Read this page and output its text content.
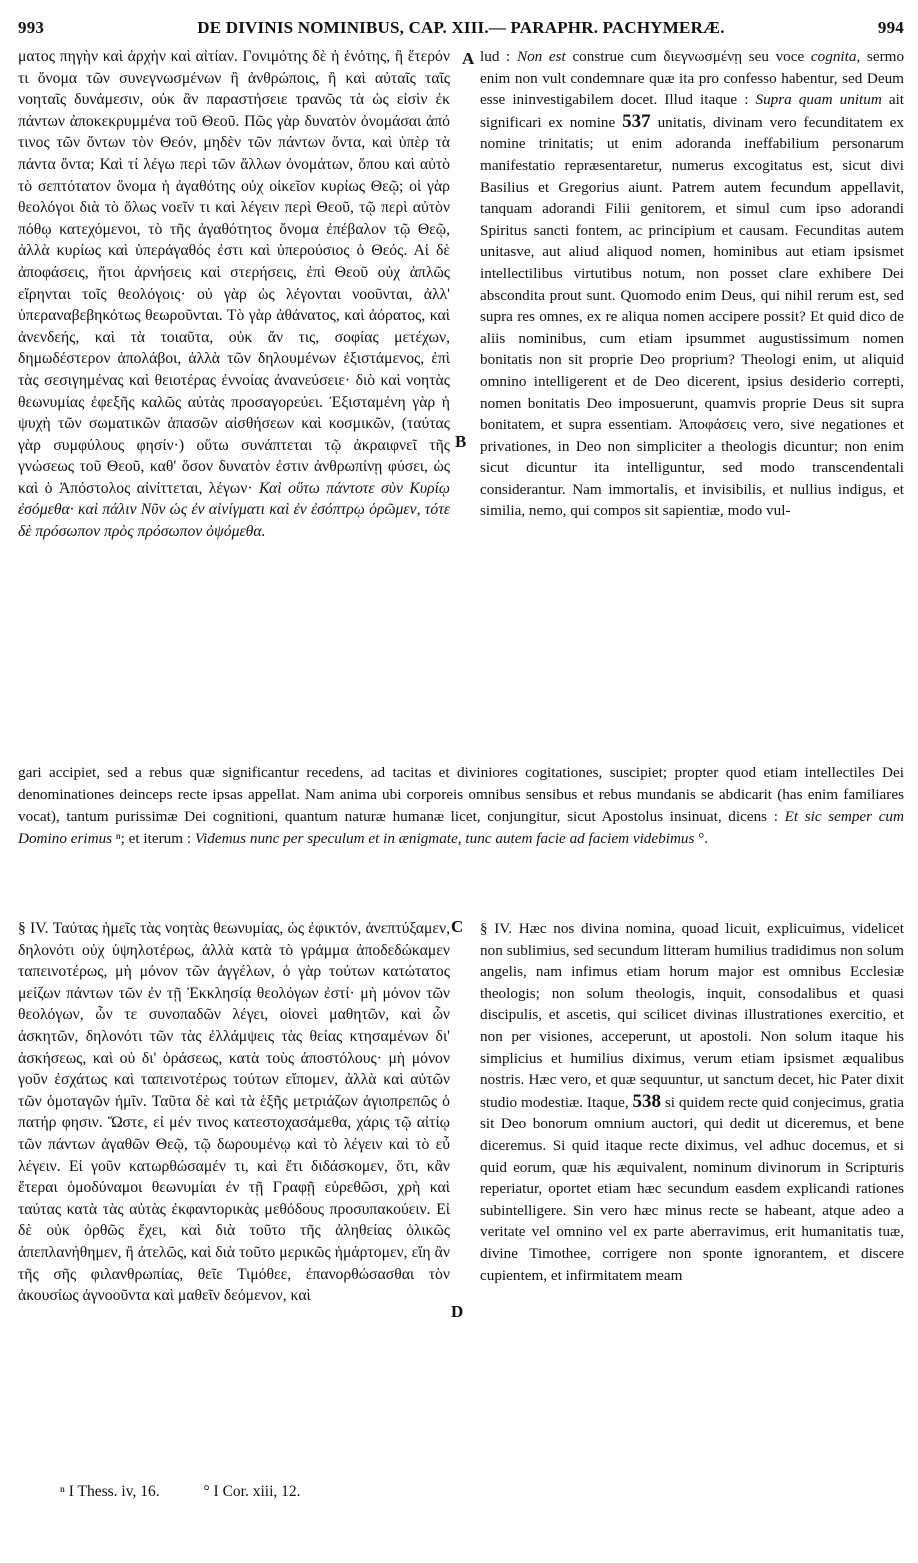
993	DE DIVINIS NOMINIBUS, CAP. XIII.— PARAPHR. PACHYMERÆ.	994
A
B
C
D

ματος πηγὴν καὶ ἀρχὴν καὶ αἰτίαν. Γονιμότης δὲ ἡ ἑνότης, ἢ ἕτερόν τι ὄνομα τῶν συνεγνωσμένων ἢ ἀνθρώποις, ἢ καὶ αὐταῖς ταῖς νοηταῖς δυνάμεσιν, οὐκ ἂν παραστήσειε τρανῶς τὰ ὡς εἰσὶν ἐκ πάντων ἀποκεκρυμμένα τοῦ Θεοῦ. Πῶς γὰρ δυνατὸν ὀνομάσαι ἀπό τινος τῶν ὄντων τὸν Θεόν, μηδὲν τῶν πάντων ὄντα, καὶ ὑπὲρ τὰ πάντα ὄντα; Καὶ τί λέγω περὶ τῶν ἄλλων ὀνομάτων, ὅπου καὶ αὐτὸ τὸ σεπτότατον ὄνομα ἡ ἀγαθότης οὐχ οἰκεῖον κυρίως Θεῷ; οἱ γὰρ θεολόγοι διὰ τὸ ὅλως νοεῖν τι καὶ λέγειν περὶ Θεοῦ, τῷ περὶ αὐτὸν πόθῳ κατεχόμενοι, τὸ τῆς ἀγαθότητος ὄνομα ἐπέβαλον τῷ Θεῷ, ἀλλὰ κυρίως καὶ ὑπεράγαθός ἐστι καὶ ὑπερούσιος ὁ Θεός. Αἱ δὲ ἀποφάσεις, ἤτοι ἀρνήσεις καὶ στερήσεις, ἐπὶ Θεοῦ οὐχ ἁπλῶς εἴρηνται τοῖς θεολόγοις· οὐ γὰρ ὡς λέγονται νοοῦνται, ἀλλ' ὑπεραναβεβηκότως θεωροῦνται. Τὸ γὰρ ἀθάνατος, καὶ ἀόρατος, καὶ ἀνενδεής, καὶ τὰ τοιαῦτα, οὐκ ἄν τις, σοφίας μετέχων, δημωδέστερον ἀπολάβοι, ἀλλὰ τῶν δηλουμένων ἐξιστάμενος, ἐπὶ τὰς σεσιγημένας καὶ θειοτέρας ἐννοίας ἀνανεύσειε· διὸ καὶ νοητὰς θεωνυμίας ἐφεξῆς καλῶς αὐτὰς προσαγορεύει. Ἐξισταμένη γὰρ ἡ ψυχὴ τῶν σωματικῶν ἁπασῶν αἰσθήσεων καὶ κοσμικῶν, (ταύτας γὰρ συμφύλους φησίν·) οὕτω συνάπτεται τῷ ἀκραιφνεῖ τῆς γνώσεως τοῦ Θεοῦ, καθ' ὅσον δυνατὸν ἐστιν ἀνθρωπίνῃ φύσει, ὡς καὶ ὁ Ἀπόστολος αἰνίττεται, λέγων· Καὶ οὕτω πάντοτε σὺν Κυρίῳ ἐσόμεθα· καὶ πάλιν Νῦν ὡς ἐν αἰνίγματι καὶ ἐν ἐσόπτρῳ ὁρῶμεν, τότε δὲ πρόσωπον πρὸς πρόσωπον ὀψόμεθα.

lud : Non est construe cum διεγνωσμένῃ seu voce cognita, sermo enim non vult condemnare quæ ita pro confesso habentur, sed Deum esse ininvestigabilem docet. Illud itaque : Supra quam unitum ait significari ex nomine 537 unitatis, divinam vero fecunditatem ex nomine trinitatis; ut enim adoranda ineffabilium personarum manifestatio repræsentaretur, numerus excogitatus est, sicut divi Basilius et Gregorius aiunt. Patrem autem fecundum appellavit, tanquam adorandi Filii genitorem, et simul cum ipso adorandi Spiritus sancti fontem, ac principium et causam. Fecunditas autem unitasve, aut aliud aliquod nomen, hominibus aut etiam ipsismet intellectilibus virtutibus notum, non posset clare exhibere Dei abscondita prout sunt. Quomodo enim Deus, qui nihil rerum est, sed supra res omnes, ex re aliqua nomen accipere possit? Et quid dico de aliis nominibus, cum etiam ipsummet augustissimum nomen bonitatis non sit proprie Deo proprium? Theologi enim, ut aliquid omnino intelligerent et de Deo dicerent, ipsius desiderio correpti, nomen bonitatis Deo imposuerunt, quamvis proprie Deus sit supra bonitatem, et supra essentiam. Ἀποφάσεις vero, sive negationes et privationes, in Deo non simpliciter a theologis dicuntur; non enim sicut dicuntur ita intelliguntur, sed modo transcendentali considerantur. Nam immortalis, et invisibilis, et nullius indigus, et similia, nemo, qui compos sit sapientiæ, modo vul-

gari accipiet, sed a rebus quæ significantur recedens, ad tacitas et diviniores cogitationes, suscipiet; propter quod etiam intellectiles Dei denominationes deinceps recte ipsas appellat. Nam anima ubi corporeis omnibus sensibus et rebus mundanis se abdicarit (has enim familiares vocat), tantum purissimæ Dei cognitioni, quantum naturæ humanæ licet, conjungitur, sicut Apostolus insinuat, dicens : Et sic semper cum Domino erimus ⁿ; et iterum : Videmus nunc per speculum et in ænigmate, tunc autem facie ad faciem videbimus °.

§ IV. Ταύτας ἡμεῖς τὰς νοητὰς θεωνυμίας, ὡς ἐφικτόν, ἀνεπτύξαμεν, δηλονότι οὐχ ὑψηλοτέρως, ἀλλὰ κατὰ τὸ γράμμα ἀποδεδώκαμεν ταπεινοτέρως, μὴ μόνον τῶν ἀγγέλων, ὁ γὰρ τούτων κατώτατος μείζων πάντων τῶν ἐν τῇ Ἐκκλησίᾳ θεολόγων ἐστί· μὴ μόνον τῶν θεολόγων, ὧν τε συνοπαδῶν λέγει, οἱονεὶ μαθητῶν, καὶ ὧν ἀσκητῶν, δηλονότι τῶν τὰς ἐλλάμψεις τὰς θείας κτησαμένων δι' ἀσκήσεως, καὶ οὐ δι' ὁράσεως, κατὰ τοὺς ἀποστόλους· μὴ μόνον γοῦν ἐσχάτως καὶ ταπεινοτέρως τούτων εἴπομεν, ἀλλὰ καὶ αὐτῶν τῶν ὁμοταγῶν ἡμῖν. Ταῦτα δὲ καὶ τὰ ἑξῆς μετριάζων ἁγιοπρεπῶς ὁ πατήρ φησιν. Ὥστε, εἰ μέν τινος κατεστοχασάμεθα, χάρις τῷ αἰτίῳ τῶν πάντων ἀγαθῶν Θεῷ, τῷ δωρουμένῳ καὶ τὸ λέγειν καὶ τὸ εὖ λέγειν. Εἰ γοῦν κατωρθώσαμέν τι, καὶ ἔτι διδάσκομεν, ὅτι, κἂν ἕτεραι ὁμοδύναμοι θεωνυμίαι ἐν τῇ Γραφῇ εὑρεθῶσι, χρὴ καὶ ταύτας κατὰ τὰς αὐτὰς ἐκφαντορικὰς μεθόδους προσυπακούειν. Εἰ δὲ οὐκ ὀρθῶς ἔχει, καὶ διὰ τοῦτο τῆς ἀληθείας ὁλικῶς ἀπεπλανήθημεν, ἢ ἀτελῶς, καὶ διὰ τοῦτο μερικῶς ἡμάρτομεν, εἴη ἂν τῆς σῆς φιλανθρωπίας, θεῖε Τιμόθεε, ἐπανορθώσασθαι τὸν ἀκουσίως ἀγνοοῦντα καὶ μαθεῖν δεόμενον, καὶ

§ IV. Hæc nos divina nomina, quoad licuit, explicuimus, videlicet non sublimius, sed secundum litteram humilius tradidimus non solum angelis, nam infimus etiam horum major est omnibus Ecclesiæ theologis; non solum theologis, inquit, consodalibus et quasi discipulis, et ascetis, qui scilicet divinas illustrationes exercitio, et non per visiones, acceperunt, ut apostoli. Non solum itaque his simplicius et humilius diximus, verum etiam ipsismet æqualibus nostris. Hæc vero, et quæ sequuntur, ut sanctum decet, hic Pater dixit studio modestiæ. Itaque, 538 si quidem recte quid conjecimus, gratia sit Deo bonorum omnium auctori, qui dedit ut diceremus, et bene diceremus. Si quid itaque recte diximus, vel adhuc docemus, et si quid eorum, quæ his æquivalent, nominum divinorum in Scripturis reperiatur, oportet etiam hæc secundum easdem explicandi rationes subintelligere. Sin vero hæc minus recte se habeant, atque adeo a veritate vel omnino vel ex parte aberravimus, erit humanitatis tuæ, divine Timothee, corrigere non sponte ignorantem, et discere cupientem, et infirmitatem meam

ⁿ I Thess. iv, 16.	° I Cor. xiii, 12.
